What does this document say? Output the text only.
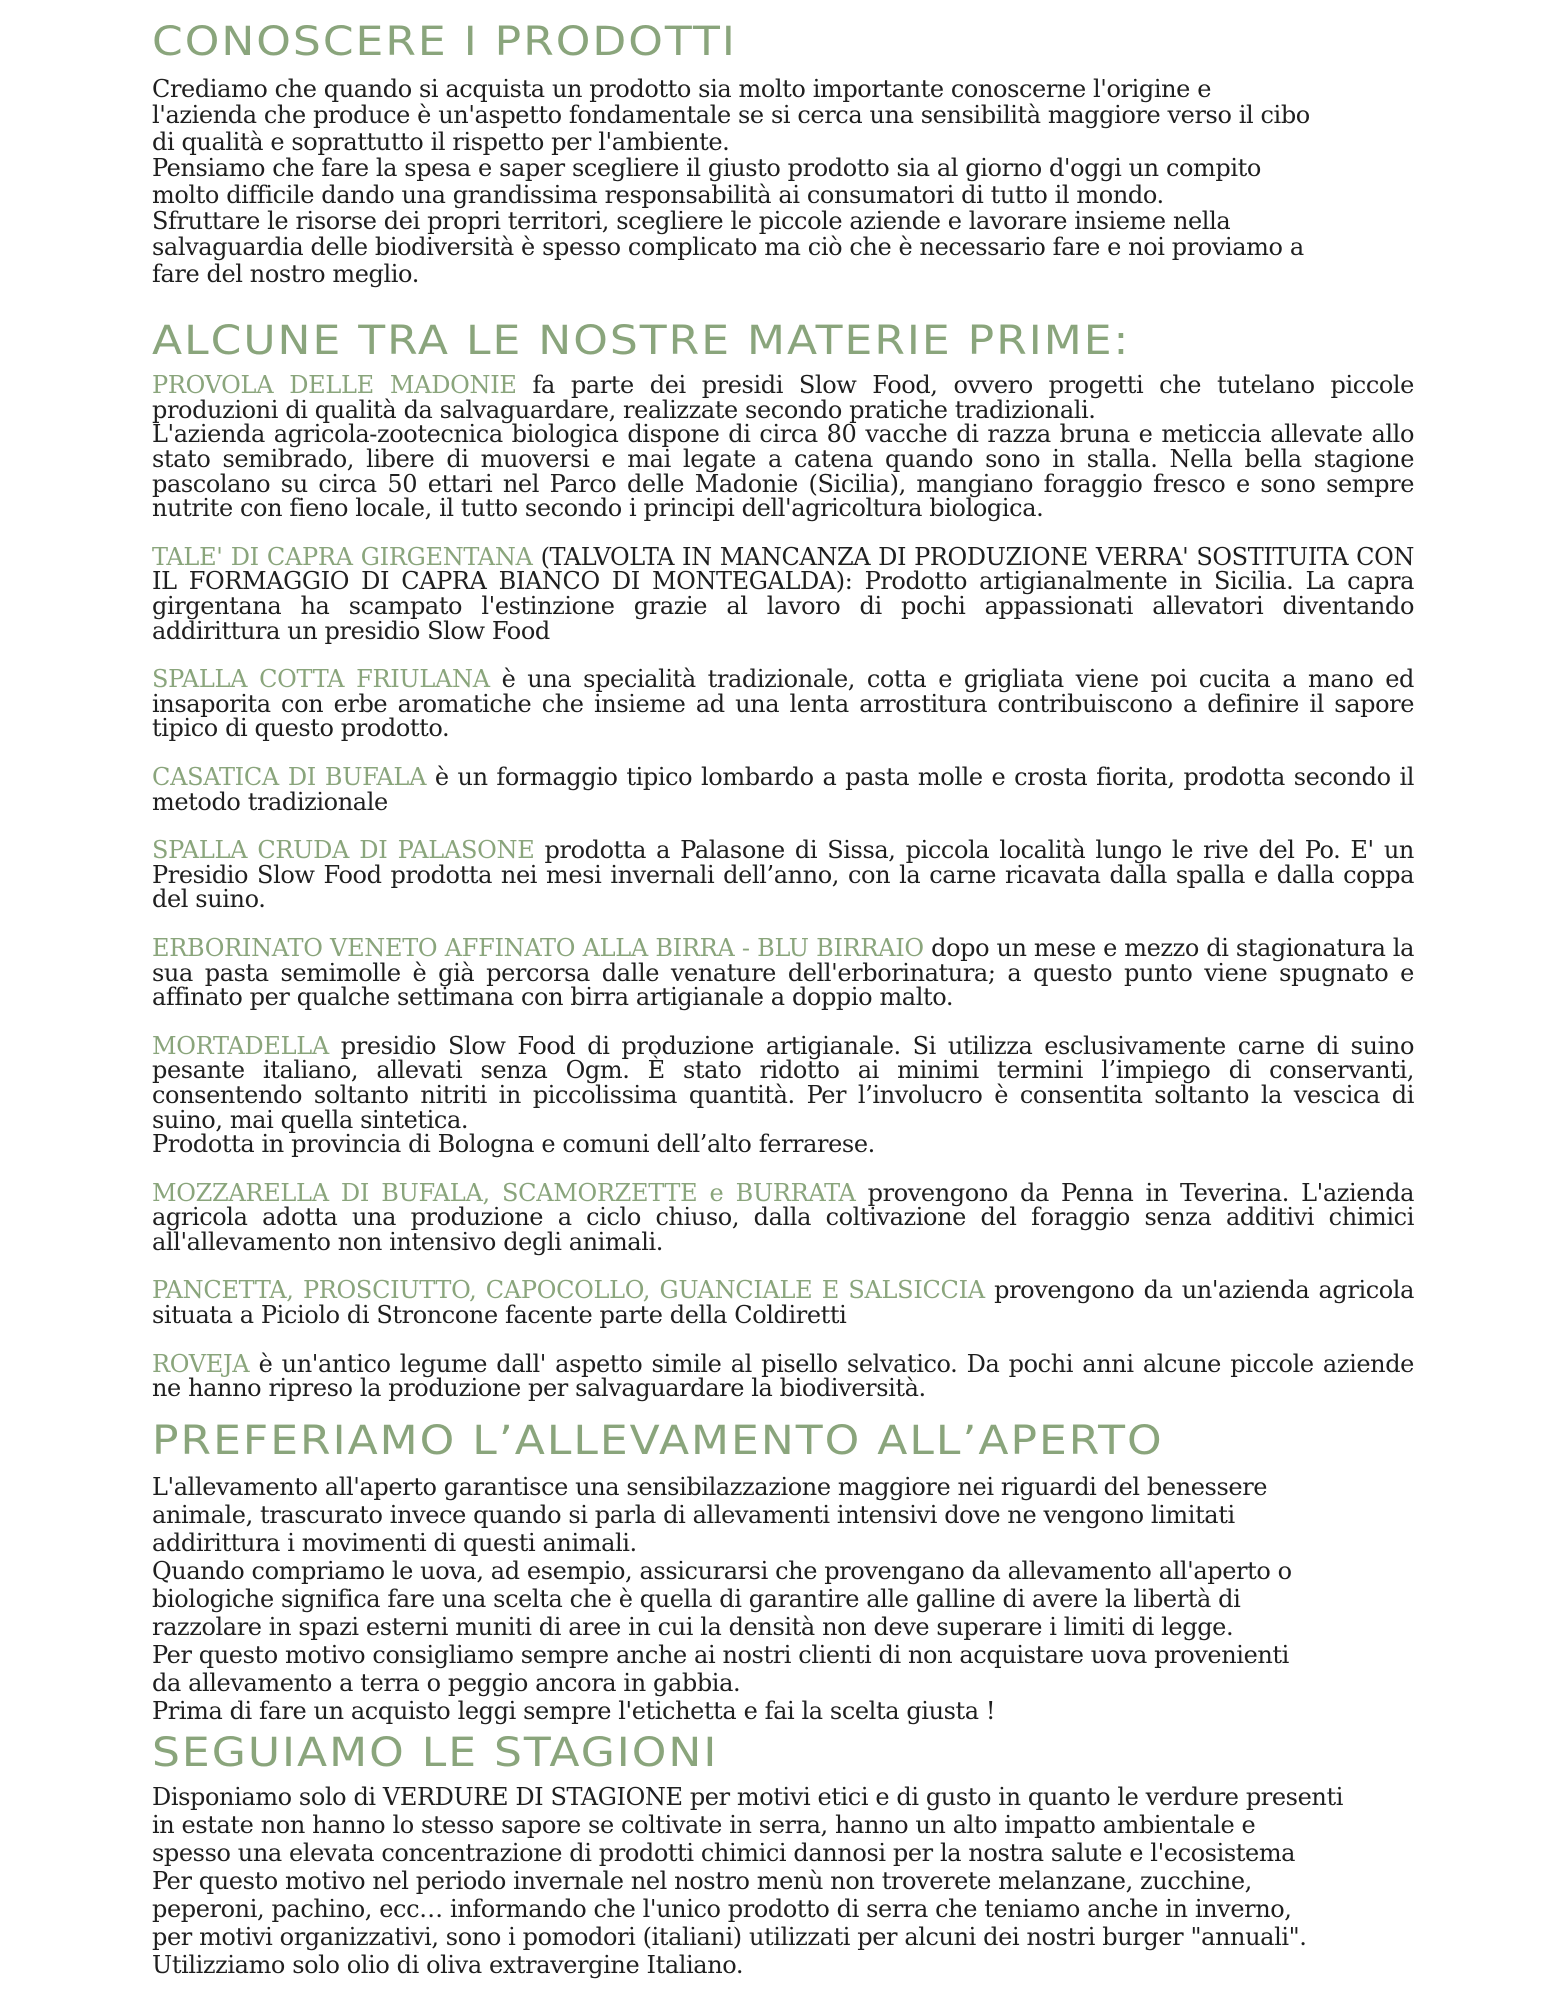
CONOSCERE I PRODOTTI

Crediamo che quando si acquista un prodotto sia molto importante conoscerne l'origine e

l'azienda che produce è un'aspetto fondamentale se si cerca una sensibilità maggiore verso il cibo

di qualità e soprattutto il rispetto per l'ambiente.

Pensiamo che fare la spesa e saper scegliere il giusto prodotto sia al giorno d'oggi un compito

molto difficile dando una grandissima responsabilità ai consumatori di tutto il mondo.

Sfruttare le risorse dei propri territori, scegliere le piccole aziende e lavorare insieme nella

salvaguardia delle biodiversità è spesso complicato ma ciò che è necessario fare e noi proviamo a

fare del nostro meglio.

ALCUNE TRA LE NOSTRE MATERIE PRIME:

PROVOLA DELLE MADONIE fa parte dei presidi Slow Food, ovvero progetti che tutelano piccole produzioni di qualità da salvaguardare, realizzate secondo pratiche tradizionali.

L'azienda agricola-zootecnica biologica dispone di circa 80 vacche di razza bruna e meticcia allevate allo stato semibrado, libere di muoversi e mai legate a catena quando sono in stalla. Nella bella stagione pascolano su circa 50 ettari nel Parco delle Madonie (Sicilia), mangiano foraggio fresco e sono sempre nutrite con fieno locale, il tutto secondo i principi dell'agricoltura biologica.

TALE' DI CAPRA GIRGENTANA (TALVOLTA IN MANCANZA DI PRODUZIONE VERRA' SOSTITUITA CON IL FORMAGGIO DI CAPRA BIANCO DI MONTEGALDA): Prodotto artigianalmente in Sicilia. La capra girgentana ha scampato l'estinzione grazie al lavoro di pochi appassionati allevatori diventando addirittura un presidio Slow Food

SPALLA COTTA FRIULANA è una specialità tradizionale, cotta e grigliata viene poi cucita a mano ed insaporita con erbe aromatiche che insieme ad una lenta arrostitura contribuiscono a definire il sapore tipico di questo prodotto.

CASATICA DI BUFALA è un formaggio tipico lombardo a pasta molle e crosta fiorita, prodotta secondo il metodo tradizionale

SPALLA CRUDA DI PALASONE prodotta a Palasone di Sissa, piccola località lungo le rive del Po. E' un Presidio Slow Food prodotta nei mesi invernali dell’anno, con la carne ricavata dalla spalla e dalla coppa del suino.

ERBORINATO VENETO AFFINATO ALLA BIRRA - BLU BIRRAIO dopo un mese e mezzo di stagionatura la sua pasta semimolle è già percorsa dalle venature dell'erborinatura; a questo punto viene spugnato e affinato per qualche settimana con birra artigianale a doppio malto.

MORTADELLA presidio Slow Food di produzione artigianale. Si utilizza esclusivamente carne di suino pesante italiano, allevati senza Ogm. È stato ridotto ai minimi termini l’impiego di conservanti, consentendo soltanto nitriti in piccolissima quantità. Per l’involucro è consentita soltanto la vescica di suino, mai quella sintetica.

Prodotta in provincia di Bologna e comuni dell’alto ferrarese.

MOZZARELLA DI BUFALA, SCAMORZETTE e BURRATA provengono da Penna in Teverina. L'azienda agricola adotta una produzione a ciclo chiuso, dalla coltivazione del foraggio senza additivi chimici all'allevamento non intensivo degli animali.

PANCETTA, PROSCIUTTO, CAPOCOLLO, GUANCIALE E SALSICCIA provengono da un'azienda agricola situata a Piciolo di Stroncone facente parte della Coldiretti

ROVEJA è un'antico legume dall' aspetto simile al pisello selvatico. Da pochi anni alcune piccole aziende ne hanno ripreso la produzione per salvaguardare la biodiversità.

PREFERIAMO L’ALLEVAMENTO ALL’APERTO

L'allevamento all'aperto garantisce una sensibilazzazione maggiore nei riguardi del benessere

animale, trascurato invece quando si parla di allevamenti intensivi dove ne vengono limitati

addirittura i movimenti di questi animali.

Quando compriamo le uova, ad esempio, assicurarsi che provengano da allevamento all'aperto o

biologiche significa fare una scelta che è quella di garantire alle galline di avere la libertà di

razzolare in spazi esterni muniti di aree in cui la densità non deve superare i limiti di legge.

Per questo motivo consigliamo sempre anche ai nostri clienti di non acquistare uova provenienti

da allevamento a terra o peggio ancora in gabbia.

Prima di fare un acquisto leggi sempre l'etichetta e fai la scelta giusta !

SEGUIAMO LE STAGIONI

Disponiamo solo di VERDURE DI STAGIONE per motivi etici e di gusto in quanto le verdure presenti

in estate non hanno lo stesso sapore se coltivate in serra, hanno un alto impatto ambientale e

spesso una elevata concentrazione di prodotti chimici dannosi per la nostra salute e l'ecosistema

Per questo motivo nel periodo invernale nel nostro menù non troverete melanzane, zucchine,

peperoni, pachino, ecc… informando che l'unico prodotto di serra che teniamo anche in inverno,

per motivi organizzativi, sono i pomodori (italiani) utilizzati per alcuni dei nostri burger "annuali".

Utilizziamo solo olio di oliva extravergine Italiano.
